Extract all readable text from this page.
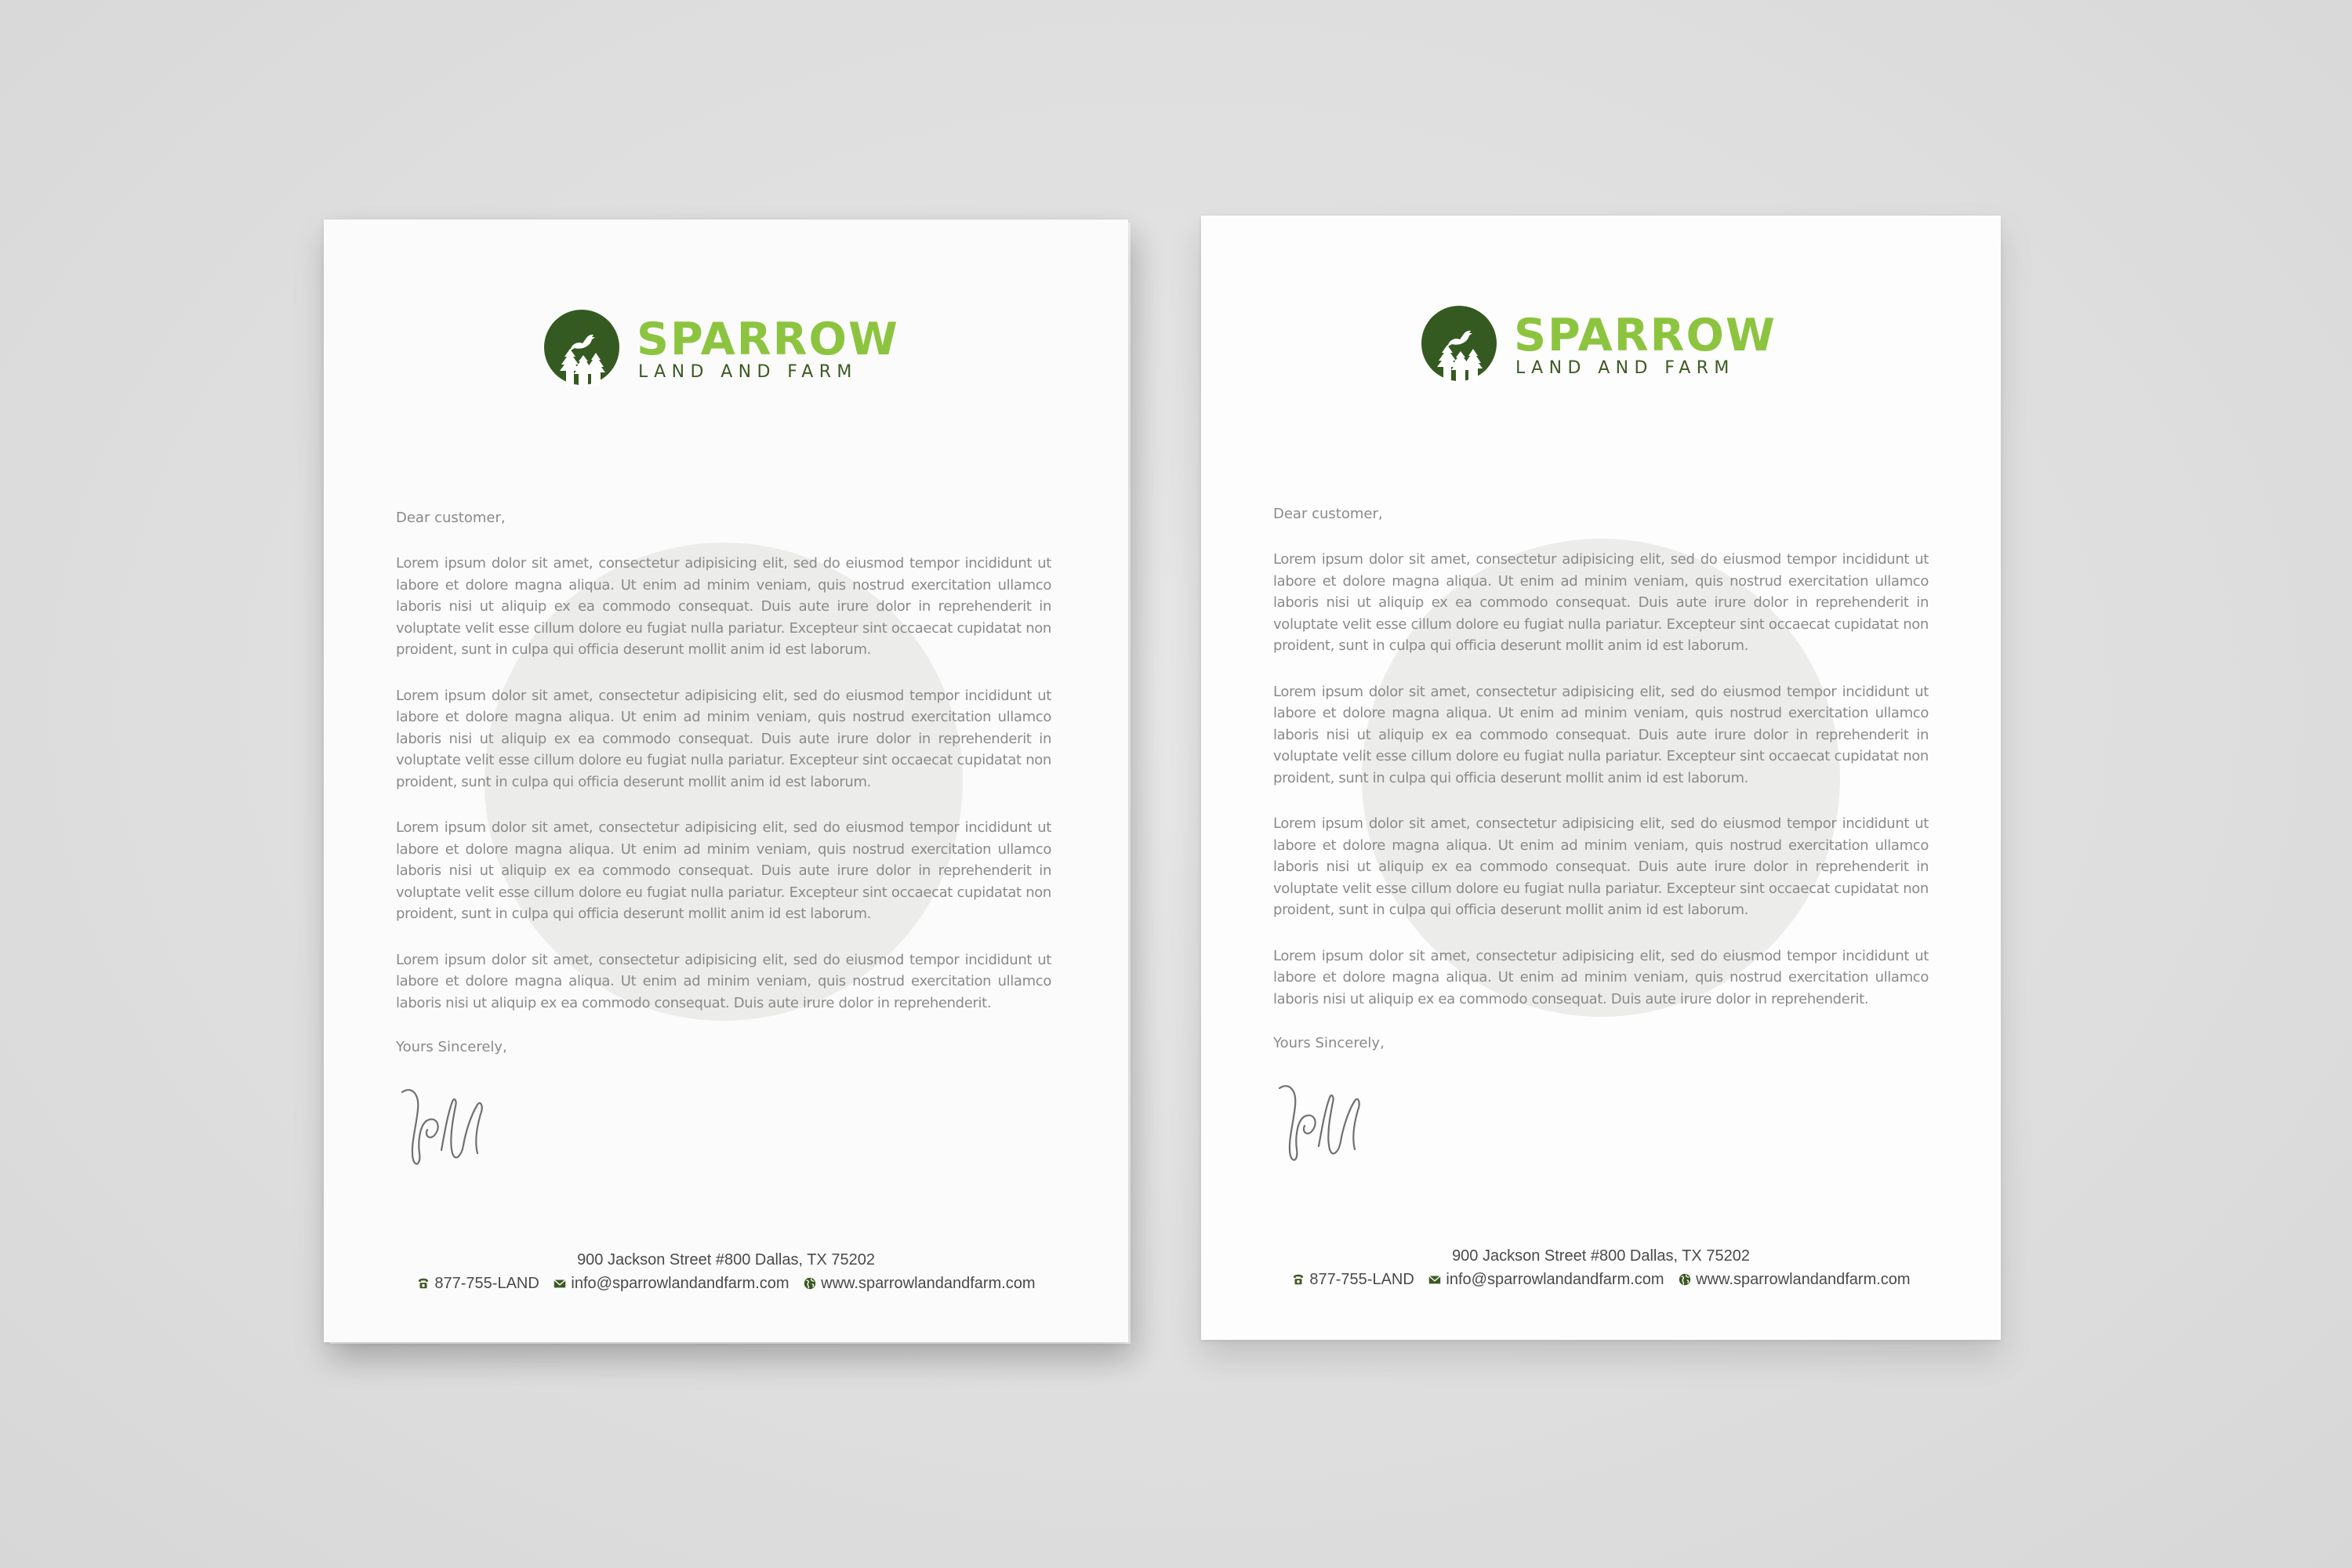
SPARROW

LAND AND FARM

Dear customer,

Lorem ipsum dolor sit amet, consectetur adipisicing elit, sed do eiusmod tempor incididunt ut labore et dolore magna aliqua. Ut enim ad minim veniam, quis nostrud exercitation ullamco laboris nisi ut aliquip ex ea commodo consequat. Duis aute irure dolor in reprehenderit in voluptate velit esse cillum dolore eu fugiat nulla pariatur. Excepteur sint occaecat cupidatat non proident, sunt in culpa qui officia deserunt mollit anim id est laborum.

Lorem ipsum dolor sit amet, consectetur adipisicing elit, sed do eiusmod tempor incididunt ut labore et dolore magna aliqua. Ut enim ad minim veniam, quis nostrud exercitation ullamco laboris nisi ut aliquip ex ea commodo consequat. Duis aute irure dolor in reprehenderit in voluptate velit esse cillum dolore eu fugiat nulla pariatur. Excepteur sint occaecat cupidatat non proident, sunt in culpa qui officia deserunt mollit anim id est laborum.

Lorem ipsum dolor sit amet, consectetur adipisicing elit, sed do eiusmod tempor incididunt ut labore et dolore magna aliqua. Ut enim ad minim veniam, quis nostrud exercitation ullamco laboris nisi ut aliquip ex ea commodo consequat. Duis aute irure dolor in reprehenderit in voluptate velit esse cillum dolore eu fugiat nulla pariatur. Excepteur sint occaecat cupidatat non proident, sunt in culpa qui officia deserunt mollit anim id est laborum.

Lorem ipsum dolor sit amet, consectetur adipisicing elit, sed do eiusmod tempor incididunt ut labore et dolore magna aliqua. Ut enim ad minim veniam, quis nostrud exercitation ullamco laboris nisi ut aliquip ex ea commodo consequat. Duis aute irure dolor in reprehenderit.

Yours Sincerely,

900 Jackson Street #800 Dallas, TX 75202

877-755-LAND info@sparrowlandandfarm.com www.sparrowlandandfarm.com

SPARROW

LAND AND FARM

Dear customer,

Lorem ipsum dolor sit amet, consectetur adipisicing elit, sed do eiusmod tempor incididunt ut labore et dolore magna aliqua. Ut enim ad minim veniam, quis nostrud exercitation ullamco laboris nisi ut aliquip ex ea commodo consequat. Duis aute irure dolor in reprehenderit in voluptate velit esse cillum dolore eu fugiat nulla pariatur. Excepteur sint occaecat cupidatat non proident, sunt in culpa qui officia deserunt mollit anim id est laborum.

Lorem ipsum dolor sit amet, consectetur adipisicing elit, sed do eiusmod tempor incididunt ut labore et dolore magna aliqua. Ut enim ad minim veniam, quis nostrud exercitation ullamco laboris nisi ut aliquip ex ea commodo consequat. Duis aute irure dolor in reprehenderit in voluptate velit esse cillum dolore eu fugiat nulla pariatur. Excepteur sint occaecat cupidatat non proident, sunt in culpa qui officia deserunt mollit anim id est laborum.

Lorem ipsum dolor sit amet, consectetur adipisicing elit, sed do eiusmod tempor incididunt ut labore et dolore magna aliqua. Ut enim ad minim veniam, quis nostrud exercitation ullamco laboris nisi ut aliquip ex ea commodo consequat. Duis aute irure dolor in reprehenderit in voluptate velit esse cillum dolore eu fugiat nulla pariatur. Excepteur sint occaecat cupidatat non proident, sunt in culpa qui officia deserunt mollit anim id est laborum.

Lorem ipsum dolor sit amet, consectetur adipisicing elit, sed do eiusmod tempor incididunt ut labore et dolore magna aliqua. Ut enim ad minim veniam, quis nostrud exercitation ullamco laboris nisi ut aliquip ex ea commodo consequat. Duis aute irure dolor in reprehenderit.

Yours Sincerely,

900 Jackson Street #800 Dallas, TX 75202

877-755-LAND info@sparrowlandandfarm.com www.sparrowlandandfarm.com
